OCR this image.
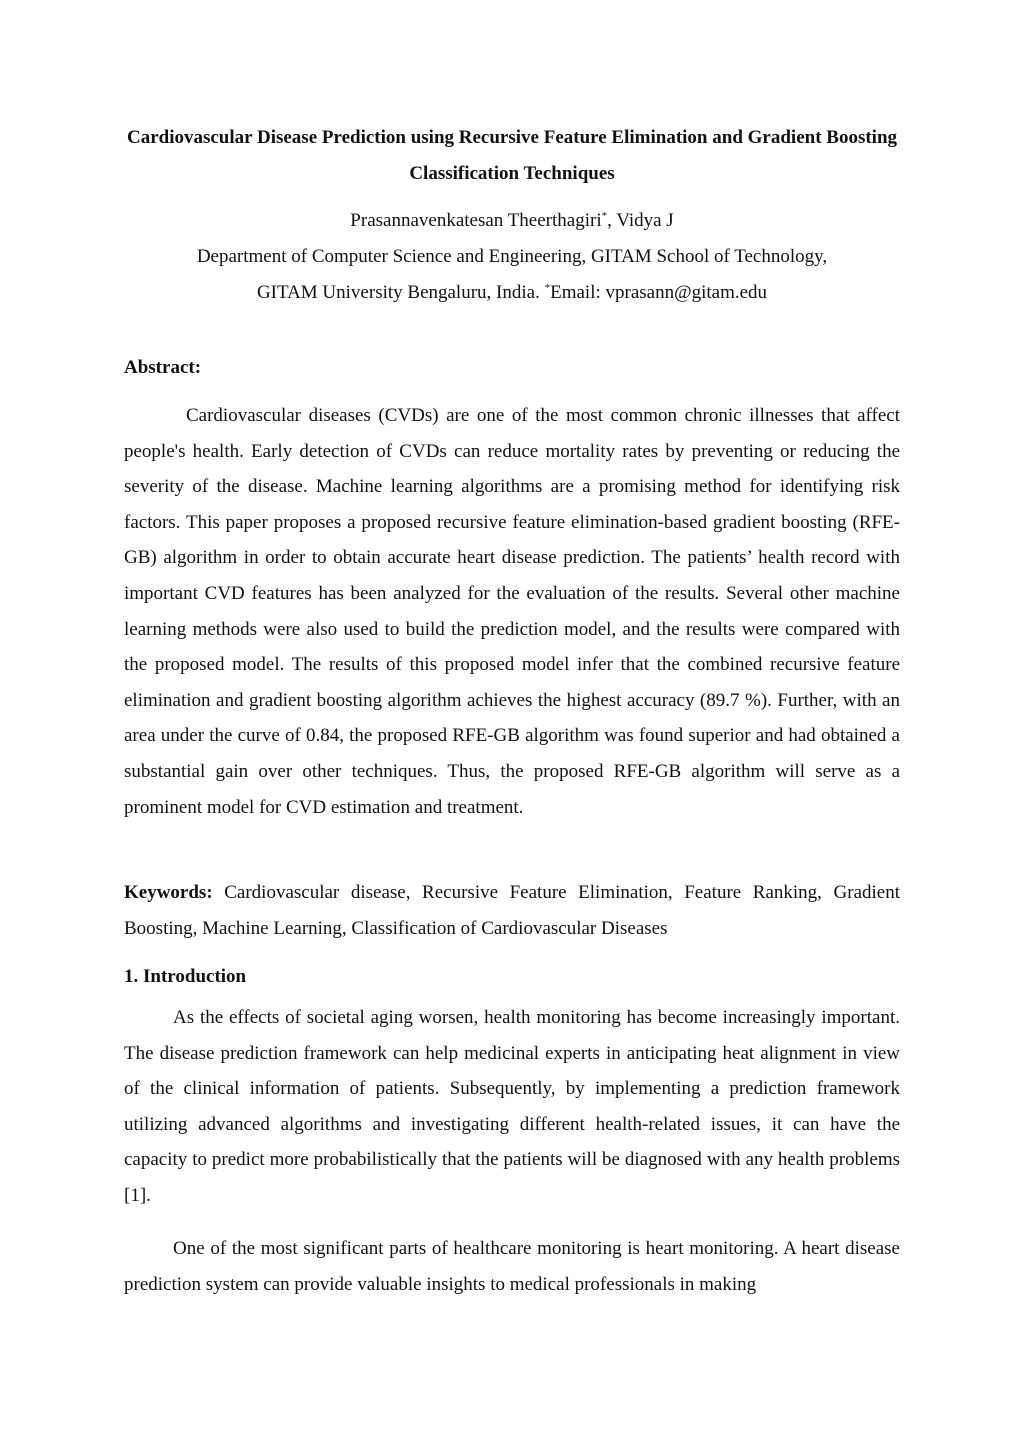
Cardiovascular Disease Prediction using Recursive Feature Elimination and Gradient Boosting Classification Techniques
Prasannavenkatesan Theerthagiri*, Vidya J
Department of Computer Science and Engineering, GITAM School of Technology,
GITAM University Bengaluru, India. *Email: vprasann@gitam.edu
Abstract:

Cardiovascular diseases (CVDs) are one of the most common chronic illnesses that affect people's health. Early detection of CVDs can reduce mortality rates by preventing or reducing the severity of the disease. Machine learning algorithms are a promising method for identifying risk factors. This paper proposes a proposed recursive feature elimination-based gradient boosting (RFE-GB) algorithm in order to obtain accurate heart disease prediction. The patients’ health record with important CVD features has been analyzed for the evaluation of the results. Several other machine learning methods were also used to build the prediction model, and the results were compared with the proposed model. The results of this proposed model infer that the combined recursive feature elimination and gradient boosting algorithm achieves the highest accuracy (89.7 %). Further, with an area under the curve of 0.84, the proposed RFE-GB algorithm was found superior and had obtained a substantial gain over other techniques. Thus, the proposed RFE-GB algorithm will serve as a prominent model for CVD estimation and treatment.

Keywords: Cardiovascular disease, Recursive Feature Elimination, Feature Ranking, Gradient Boosting, Machine Learning, Classification of Cardiovascular Diseases

1. Introduction

As the effects of societal aging worsen, health monitoring has become increasingly important. The disease prediction framework can help medicinal experts in anticipating heat alignment in view of the clinical information of patients. Subsequently, by implementing a prediction framework utilizing advanced algorithms and investigating different health-related issues, it can have the capacity to predict more probabilistically that the patients will be diagnosed with any health problems [1].

One of the most significant parts of healthcare monitoring is heart monitoring. A heart disease prediction system can provide valuable insights to medical professionals in making
